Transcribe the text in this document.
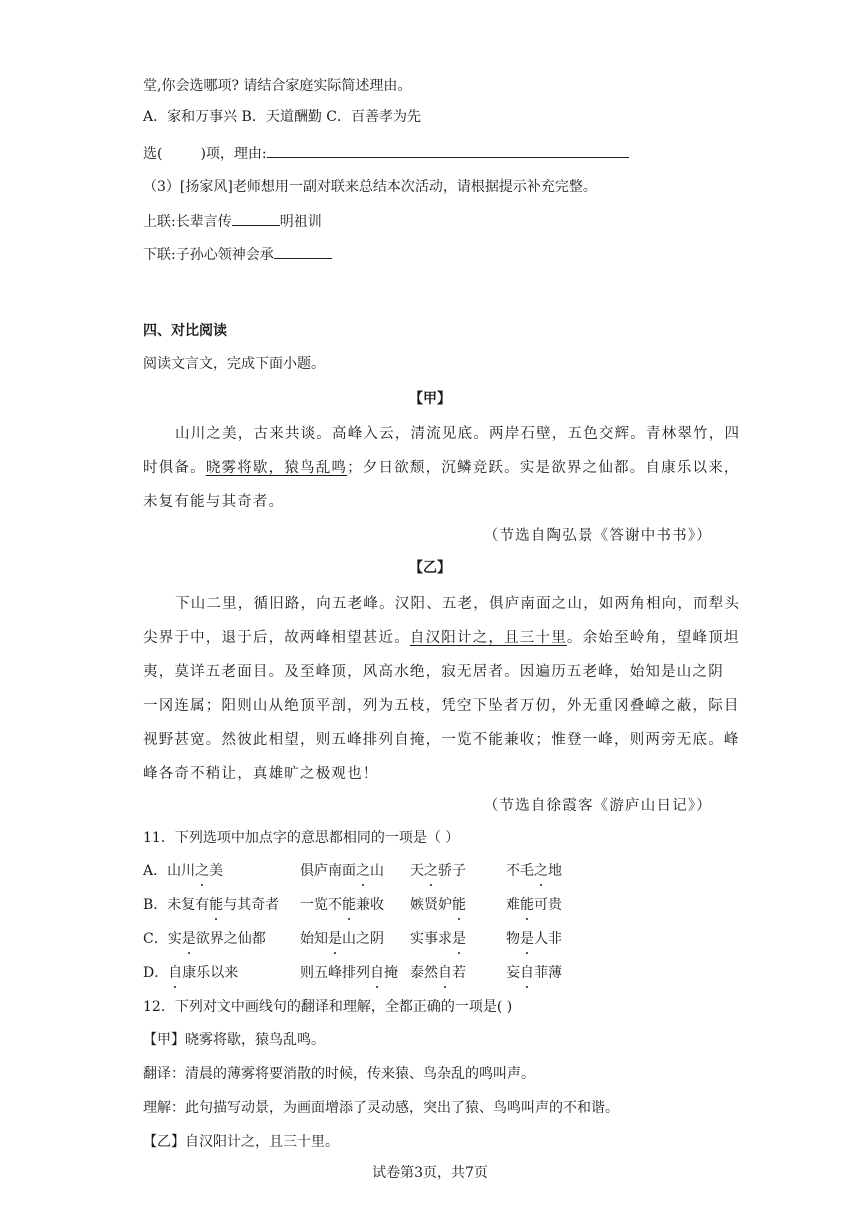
堂,你会选哪项? 请结合家庭实际简述理由。
A．家和万事兴 B．天道酬勤 C．百善孝为先
选(	)项，理由:
（3）[扬家风]老师想用一副对联来总结本次活动，请根据提示补充完整。
上联:长辈言传	明祖训
下联:子孙心领神会承
四、对比阅读
阅读文言文，完成下面小题。
【甲】
山川之美，古来共谈。高峰入云，清流见底。两岸石壁，五色交辉。青林翠竹，四
时俱备。晓雾将歇，猿鸟乱鸣；夕日欲颓，沉鳞竞跃。实是欲界之仙都。自康乐以来，
未复有能与其奇者。
（节选自陶弘景《答谢中书书》）
【乙】
下山二里，循旧路，向五老峰。汉阳、五老，俱庐南面之山，如两角相向，而犁头
尖界于中，退于后，故两峰相望甚近。自汉阳计之，且三十里。余始至岭角，望峰顶坦
夷，莫详五老面目。及至峰顶，风高水绝，寂无居者。因遍历五老峰，始知是山之阴
一冈连属；阳则山从绝顶平剖，列为五枝，凭空下坠者万仞，外无重冈叠嶂之蔽，际目
视野甚宽。然彼此相望，则五峰排列自掩，一览不能兼收；惟登一峰，则两旁无底。峰
峰各奇不稍让，真雄旷之极观也！
（节选自徐霞客《游庐山日记》）
11．下列选项中加点字的意思都相同的一项是（ ）
A．山川之美	俱庐南面之山 天之骄子	不毛之地
B．未复有能与其奇者 一览不能兼收 嫉贤妒能	难能可贵
C．实是欲界之仙都 始知是山之阴 实事求是	物是人非
D．自康乐以来	则五峰排列自掩 泰然自若	妄自菲薄
12．下列对文中画线句的翻译和理解，全都正确的一项是( )
【甲】晓雾将歇，猿鸟乱鸣。
翻译：清晨的薄雾将要消散的时候，传来猿、鸟杂乱的鸣叫声。
理解：此句描写动景，为画面增添了灵动感，突出了猿、鸟鸣叫声的不和谐。
【乙】自汉阳计之，且三十里。
试卷第3页，共7页
